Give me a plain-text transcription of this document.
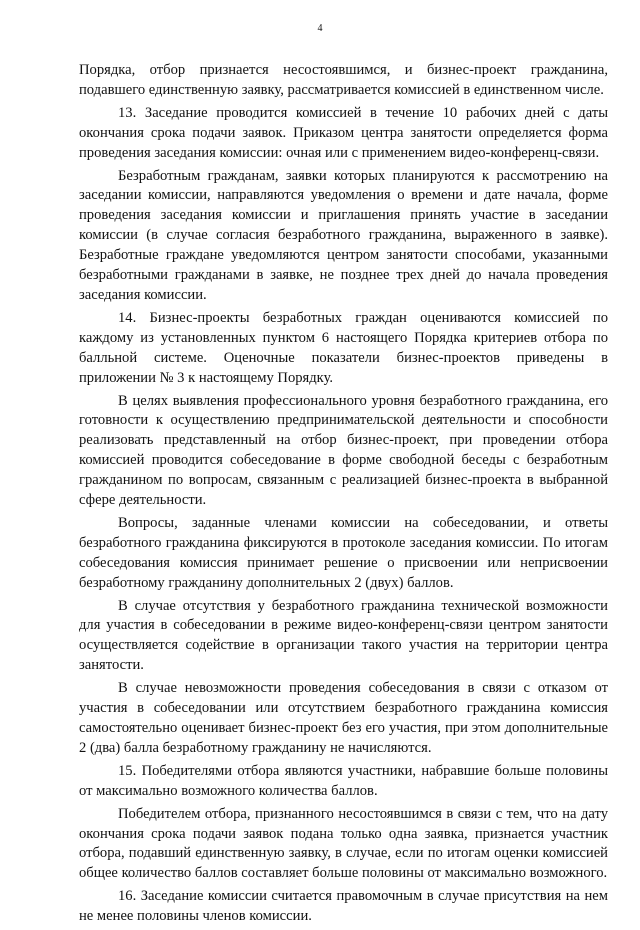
4

Порядка, отбор признается несостоявшимся, и бизнес-проект гражданина, подавшего единственную заявку, рассматривается комиссией в единственном числе.

13. Заседание проводится комиссией в течение 10 рабочих дней с даты окончания срока подачи заявок. Приказом центра занятости определяется форма проведения заседания комиссии: очная или с применением видео-конференц-связи.

Безработным гражданам, заявки которых планируются к рассмотрению на заседании комиссии, направляются уведомления о времени и дате начала, форме проведения заседания комиссии и приглашения принять участие в заседании комиссии (в случае согласия безработного гражданина, выраженного в заявке). Безработные граждане уведомляются центром занятости способами, указанными безработными гражданами в заявке, не позднее трех дней до начала проведения заседания комиссии.

14. Бизнес-проекты безработных граждан оцениваются комиссией по каждому из установленных пунктом 6 настоящего Порядка критериев отбора по балльной системе. Оценочные показатели бизнес-проектов приведены в приложении № 3 к настоящему Порядку.

В целях выявления профессионального уровня безработного гражданина, его готовности к осуществлению предпринимательской деятельности и способности реализовать представленный на отбор бизнес-проект, при проведении отбора комиссией проводится собеседование в форме свободной беседы с безработным гражданином по вопросам, связанным с реализацией бизнес-проекта в выбранной сфере деятельности.

Вопросы, заданные членами комиссии на собеседовании, и ответы безработного гражданина фиксируются в протоколе заседания комиссии. По итогам собеседования комиссия принимает решение о присвоении или неприсвоении безработному гражданину дополнительных 2 (двух) баллов.

В случае отсутствия у безработного гражданина технической возможности для участия в собеседовании в режиме видео-конференц-связи центром занятости осуществляется содействие в организации такого участия на территории центра занятости.

В случае невозможности проведения собеседования в связи с отказом от участия в собеседовании или отсутствием безработного гражданина комиссия самостоятельно оценивает бизнес-проект без его участия, при этом дополнительные 2 (два) балла безработному гражданину не начисляются.

15. Победителями отбора являются участники, набравшие больше половины от максимально возможного количества баллов.

Победителем отбора, признанного несостоявшимся в связи с тем, что на дату окончания срока подачи заявок подана только одна заявка, признается участник отбора, подавший единственную заявку, в случае, если по итогам оценки комиссией общее количество баллов составляет больше половины от максимально возможного.

16. Заседание комиссии считается правомочным в случае присутствия на нем не менее половины членов комиссии.
